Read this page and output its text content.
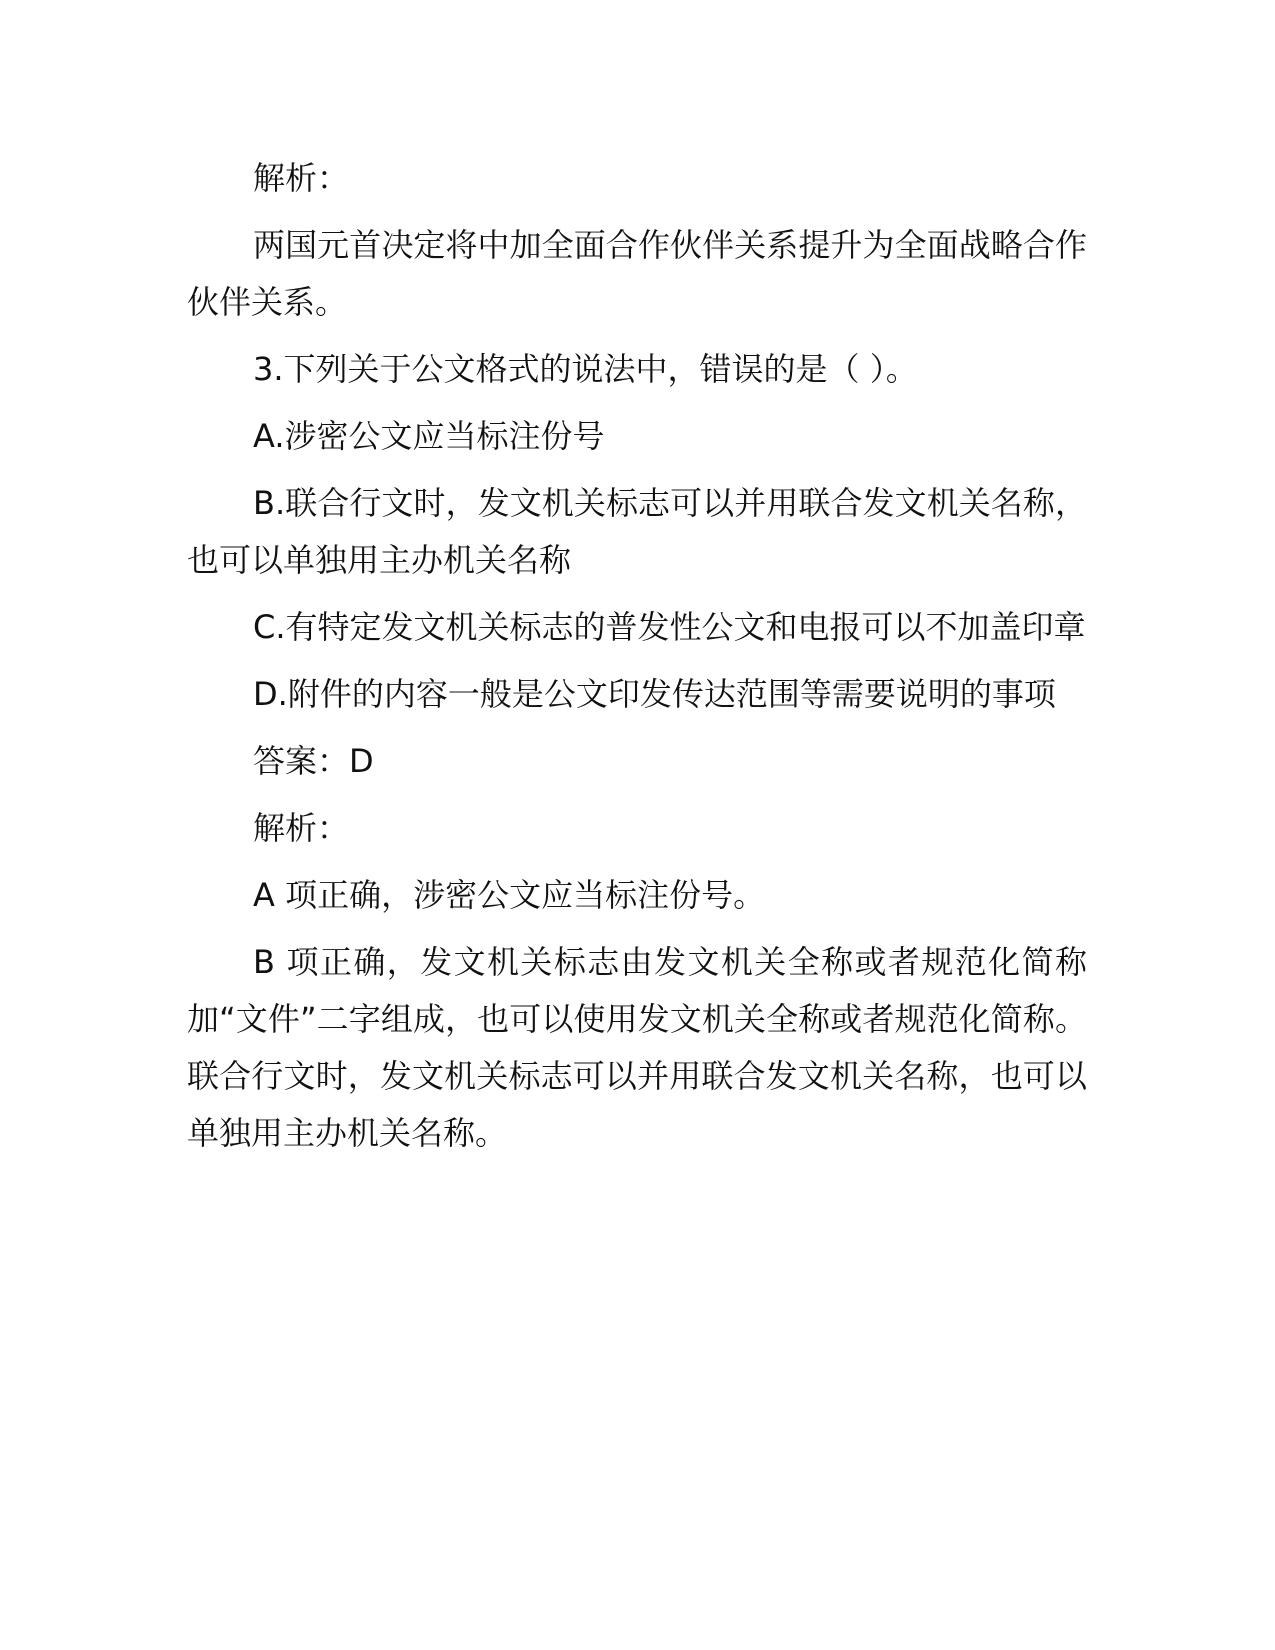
解析：

两国元首决定将中加全面合作伙伴关系提升为全面战略合作伙伴关系。

3.下列关于公文格式的说法中，错误的是（ ）。

A.涉密公文应当标注份号

B.联合行文时，发文机关标志可以并用联合发文机关名称，也可以单独用主办机关名称

C.有特定发文机关标志的普发性公文和电报可以不加盖印章

D.附件的内容一般是公文印发传达范围等需要说明的事项

答案：D

解析：

A 项正确，涉密公文应当标注份号。

B 项正确，发文机关标志由发文机关全称或者规范化简称加“文件”二字组成，也可以使用发文机关全称或者规范化简称。联合行文时，发文机关标志可以并用联合发文机关名称，也可以单独用主办机关名称。
